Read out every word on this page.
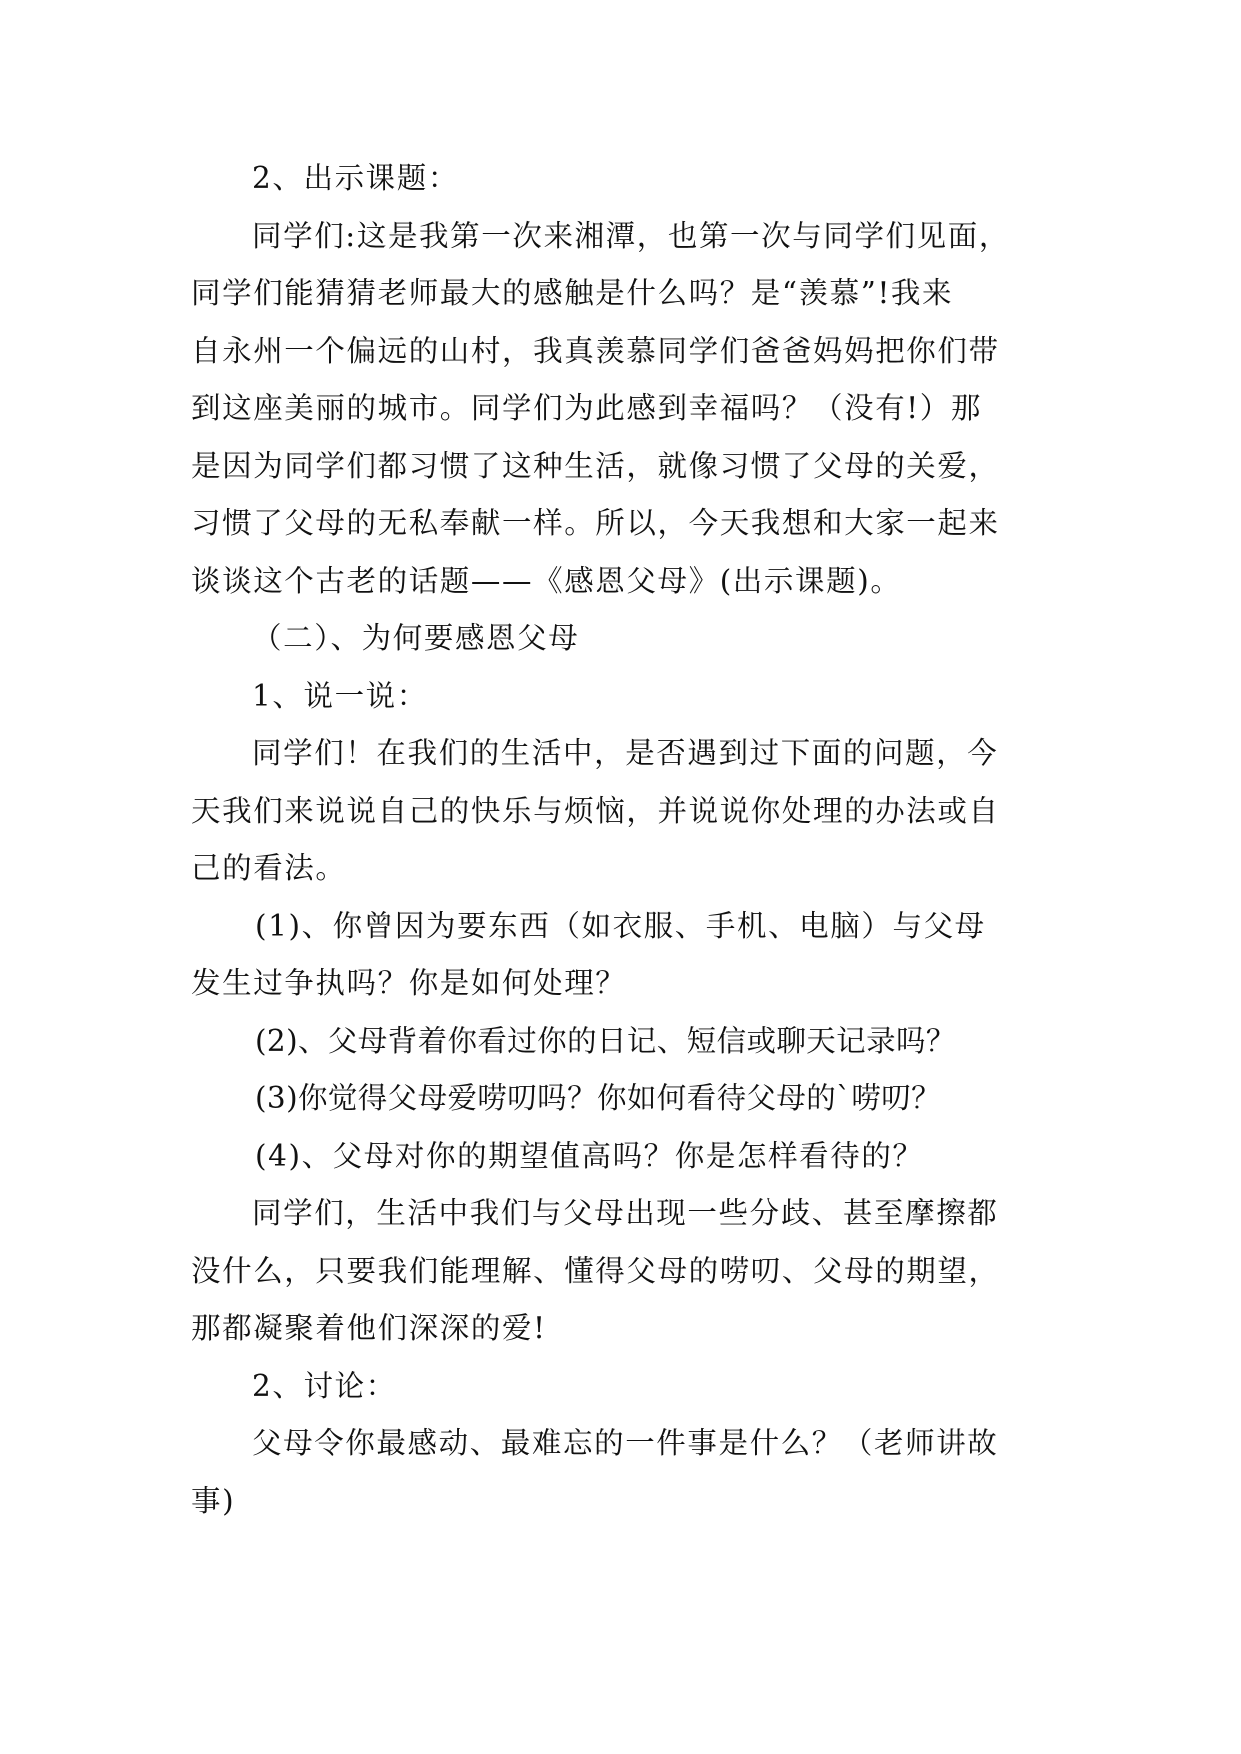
2、出示课题：
同学们:这是我第一次来湘潭，也第一次与同学们见面，
同学们能猜猜老师最大的感触是什么吗？是“羡慕”!我来
自永州一个偏远的山村，我真羡慕同学们爸爸妈妈把你们带
到这座美丽的城市。同学们为此感到幸福吗？（没有!）那
是因为同学们都习惯了这种生活，就像习惯了父母的关爱，
习惯了父母的无私奉献一样。所以，今天我想和大家一起来
谈谈这个古老的话题——《感恩父母》(出示课题)。
（二）、为何要感恩父母
1、说一说：
同学们！在我们的生活中，是否遇到过下面的问题，今
天我们来说说自己的快乐与烦恼，并说说你处理的办法或自
己的看法。
(1)、你曾因为要东西（如衣服、手机、电脑）与父母
发生过争执吗？你是如何处理？
(2)、父母背着你看过你的日记、短信或聊天记录吗？
(3)你觉得父母爱唠叨吗？你如何看待父母的`唠叨？
(4)、父母对你的期望值高吗？你是怎样看待的？
同学们，生活中我们与父母出现一些分歧、甚至摩擦都
没什么，只要我们能理解、懂得父母的唠叨、父母的期望，
那都凝聚着他们深深的爱!
2、讨论：
父母令你最感动、最难忘的一件事是什么？（老师讲故
事)
